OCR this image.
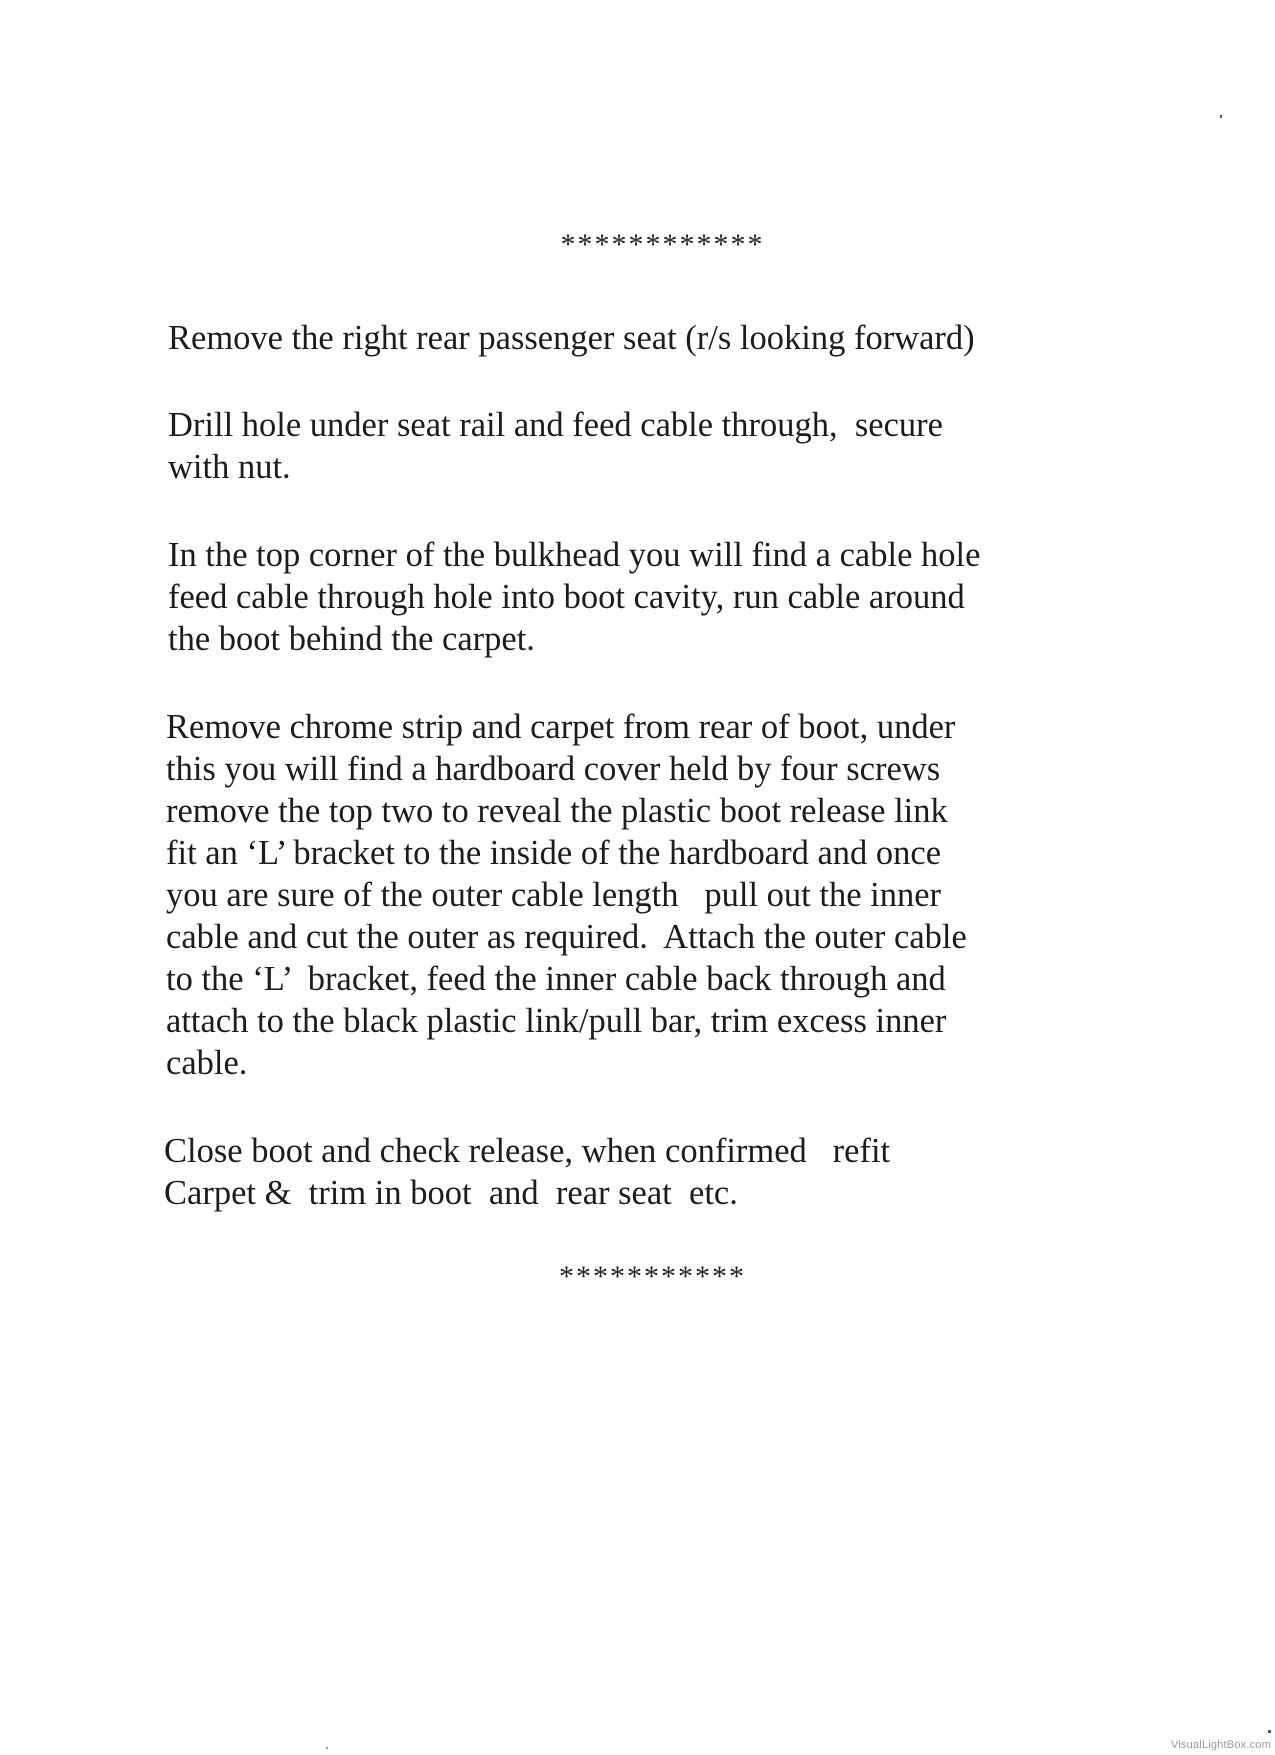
************

Remove the right rear passenger seat (r/s looking forward)

Drill hole under seat rail and feed cable through,  secure
with nut.

In the top corner of the bulkhead you will find a cable hole
feed cable through hole into boot cavity, run cable around
the boot behind the carpet.

Remove chrome strip and carpet from rear of boot, under
this you will find a hardboard cover held by four screws
remove the top two to reveal the plastic boot release link
fit an ‘L’ bracket to the inside of the hardboard and once
you are sure of the outer cable length   pull out the inner
cable and cut the outer as required.  Attach the outer cable
to the ‘L’  bracket, feed the inner cable back through and
attach to the black plastic link/pull bar, trim excess inner
cable.

Close boot and check release, when confirmed   refit
Carpet &  trim in boot  and  rear seat  etc.

***********
VisualLightBox.com
